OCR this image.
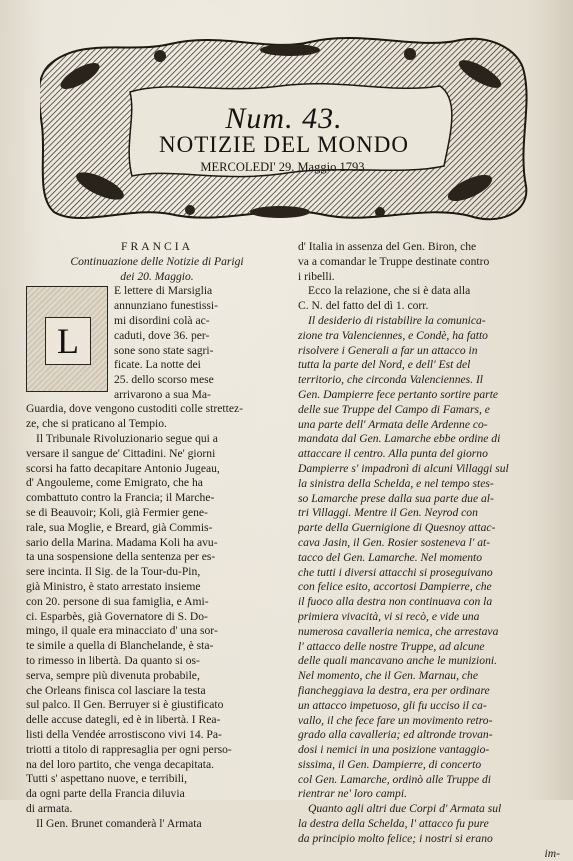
Num. 43.
NOTIZIE DEL MONDO
MERCOLEDI' 29. Maggio 1793.
FRANCIA
Continuazione delle Notizie di Parigi
dei 20. Maggio.
L
E lettere di Marsiglia
annunziano funestissi-
mi disordini colà ac-
caduti, dove 36. per-
sone sono state sagri-
ficate. La notte dei
25. dello scorso mese
arrivarono a sua Ma-
Guardia, dove vengono custoditi colle strettez-
ze, che si praticano al Tempio.
Il Tribunale Rivoluzionario segue qui a
versare il sangue de' Cittadini. Ne' giorni
scorsi ha fatto decapitare Antonio Jugeau,
d' Angouleme, come Emigrato, che ha
combattuto contro la Francia; il Marche-
se di Beauvoir; Koli, già Fermier gene-
rale, sua Moglie, e Breard, già Commis-
sario della Marina. Madama Koli ha avu-
ta una sospensione della sentenza per es-
sere incinta. Il Sig. de la Tour-du-Pin,
già Ministro, è stato arrestato insieme
con 20. persone di sua famiglia, e Ami-
ci. Esparbès, già Governatore di S. Do-
mingo, il quale era minacciato d' una sor-
te simile a quella di Blanchelande, è sta-
to rimesso in libertà. Da quanto si os-
serva, sempre più divenuta probabile,
che Orleans finisca col lasciare la testa
sul palco. Il Gen. Berruyer si è giustificato
delle accuse dategli, ed è in libertà. I Rea-
listi della Vendée arrostiscono vivi 14. Pa-
triotti a titolo di rappresaglia per ogni perso-
na del loro partito, che venga decapitata.
Tutti s' aspettano nuove, e terribili,
da ogni parte della Francia diluvia
di armata.
Il Gen. Brunet comanderà l' Armata
d' Italia in assenza del Gen. Biron, che
va a comandar le Truppe destinate contro
i ribelli.
Ecco la relazione, che si è data alla
C. N. del fatto del dì 1. corr.
Il desiderio di ristabilire la comunica-
zione tra Valenciennes, e Condè, ha fatto
risolvere i Generali a far un attacco in
tutta la parte del Nord, e dell' Est del
territorio, che circonda Valenciennes. Il
Gen. Dampierre fece pertanto sortire parte
delle sue Truppe del Campo di Famars, e
una parte dell' Armata delle Ardenne co-
mandata dal Gen. Lamarche ebbe ordine di
attaccare il centro. Alla punta del giorno
Dampierre s' impadronì di alcuni Villaggi sul
la sinistra della Schelda, e nel tempo stes-
so Lamarche prese dalla sua parte due al-
tri Villaggi. Mentre il Gen. Neyrod con
parte della Guernigione di Quesnoy attac-
cava Jasin, il Gen. Rosier sosteneva l' at-
tacco del Gen. Lamarche. Nel momento
che tutti i diversi attacchi si proseguivano
con felice esito, accortosi Dampierre, che
il fuoco alla destra non continuava con la
primiera vivacità, vi si recò, e vide una
numerosa cavalleria nemica, che arrestava
l' attacco delle nostre Truppe, ad alcune
delle quali mancavano anche le munizioni.
Nel momento, che il Gen. Marnau, che
fiancheggiava la destra, era per ordinare
un attacco impetuoso, gli fu ucciso il ca-
vallo, il che fece fare un movimento retro-
grado alla cavalleria; ed altronde trovan-
dosi i nemici in una posizione vantaggio-
sissima, il Gen. Dampierre, di concerto
col Gen. Lamarche, ordinò alle Truppe di
rientrar ne' loro campi.
Quanto agli altri due Corpi d' Armata sul
la destra della Schelda, l' attacco fu pure
da principio molto felice; i nostri si erano
im-
